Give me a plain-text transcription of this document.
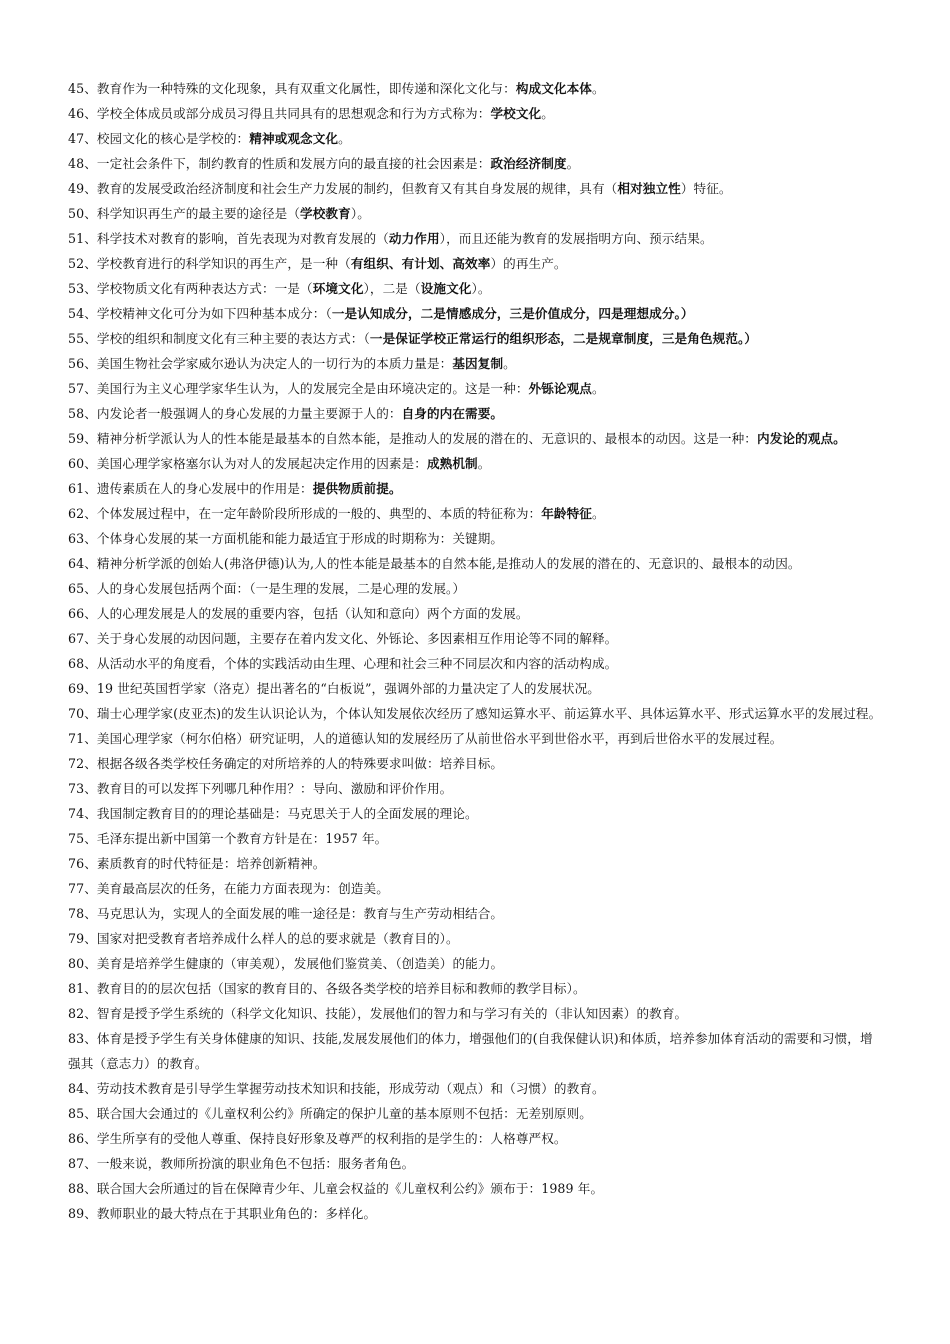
45、教育作为一种特殊的文化现象，具有双重文化属性，即传递和深化文化与：构成文化本体。
46、学校全体成员或部分成员习得且共同具有的思想观念和行为方式称为：学校文化。
47、校园文化的核心是学校的：精神或观念文化。
48、一定社会条件下，制约教育的性质和发展方向的最直接的社会因素是：政治经济制度。
49、教育的发展受政治经济制度和社会生产力发展的制约，但教育又有其自身发展的规律，具有（相对独立性）特征。
50、科学知识再生产的最主要的途径是（学校教育）。
51、科学技术对教育的影响，首先表现为对教育发展的（动力作用），而且还能为教育的发展指明方向、预示结果。
52、学校教育进行的科学知识的再生产，是一种（有组织、有计划、高效率）的再生产。
53、学校物质文化有两种表达方式：一是（环境文化），二是（设施文化）。
54、学校精神文化可分为如下四种基本成分：（一是认知成分，二是情感成分，三是价值成分，四是理想成分。）
55、学校的组织和制度文化有三种主要的表达方式：（一是保证学校正常运行的组织形态，二是规章制度，三是角色规范。）
56、美国生物社会学家威尔逊认为决定人的一切行为的本质力量是：基因复制。
57、美国行为主义心理学家华生认为，人的发展完全是由环境决定的。这是一种：外铄论观点。
58、内发论者一般强调人的身心发展的力量主要源于人的：自身的内在需要。
59、精神分析学派认为人的性本能是最基本的自然本能，是推动人的发展的潜在的、无意识的、最根本的动因。这是一种：内发论的观点。
60、美国心理学家格塞尔认为对人的发展起决定作用的因素是：成熟机制。
61、遗传素质在人的身心发展中的作用是：提供物质前提。
62、个体发展过程中，在一定年龄阶段所形成的一般的、典型的、本质的特征称为：年龄特征。
63、个体身心发展的某一方面机能和能力最适宜于形成的时期称为：关键期。
64、精神分析学派的创始人(弗洛伊德)认为,人的性本能是最基本的自然本能,是推动人的发展的潜在的、无意识的、最根本的动因。
65、人的身心发展包括两个面：（一是生理的发展，二是心理的发展。）
66、人的心理发展是人的发展的重要内容，包括（认知和意向）两个方面的发展。
67、关于身心发展的动因问题，主要存在着内发文化、外铄论、多因素相互作用论等不同的解释。
68、从活动水平的角度看，个体的实践活动由生理、心理和社会三种不同层次和内容的活动构成。
69、19 世纪英国哲学家（洛克）提出著名的“白板说”，强调外部的力量决定了人的发展状况。
70、瑞士心理学家(皮亚杰)的发生认识论认为，个体认知发展依次经历了感知运算水平、前运算水平、具体运算水平、形式运算水平的发展过程。
71、美国心理学家（柯尔伯格）研究证明，人的道德认知的发展经历了从前世俗水平到世俗水平，再到后世俗水平的发展过程。
72、根据各级各类学校任务确定的对所培养的人的特殊要求叫做：培养目标。
73、教育目的可以发挥下列哪几种作用？：导向、激励和评价作用。
74、我国制定教育目的的理论基础是：马克思关于人的全面发展的理论。
75、毛泽东提出新中国第一个教育方针是在：1957 年。
76、素质教育的时代特征是：培养创新精神。
77、美育最高层次的任务，在能力方面表现为：创造美。
78、马克思认为，实现人的全面发展的唯一途径是：教育与生产劳动相结合。
79、国家对把受教育者培养成什么样人的总的要求就是（教育目的）。
80、美育是培养学生健康的（审美观），发展他们鉴赏美、（创造美）的能力。
81、教育目的的层次包括（国家的教育目的、各级各类学校的培养目标和教师的教学目标）。
82、智育是授予学生系统的（科学文化知识、技能），发展他们的智力和与学习有关的（非认知因素）的教育。
83、体育是授予学生有关身体健康的知识、技能,发展发展他们的体力，增强他们的(自我保健认识)和体质，培养参加体育活动的需要和习惯，增强其（意志力）的教育。
84、劳动技术教育是引导学生掌握劳动技术知识和技能，形成劳动（观点）和（习惯）的教育。
85、联合国大会通过的《儿童权利公约》所确定的保护儿童的基本原则不包括：无差别原则。
86、学生所享有的受他人尊重、保持良好形象及尊严的权利指的是学生的：人格尊严权。
87、一般来说，教师所扮演的职业角色不包括：服务者角色。
88、联合国大会所通过的旨在保障青少年、儿童会权益的《儿童权利公约》颁布于：1989 年。
89、教师职业的最大特点在于其职业角色的：多样化。
